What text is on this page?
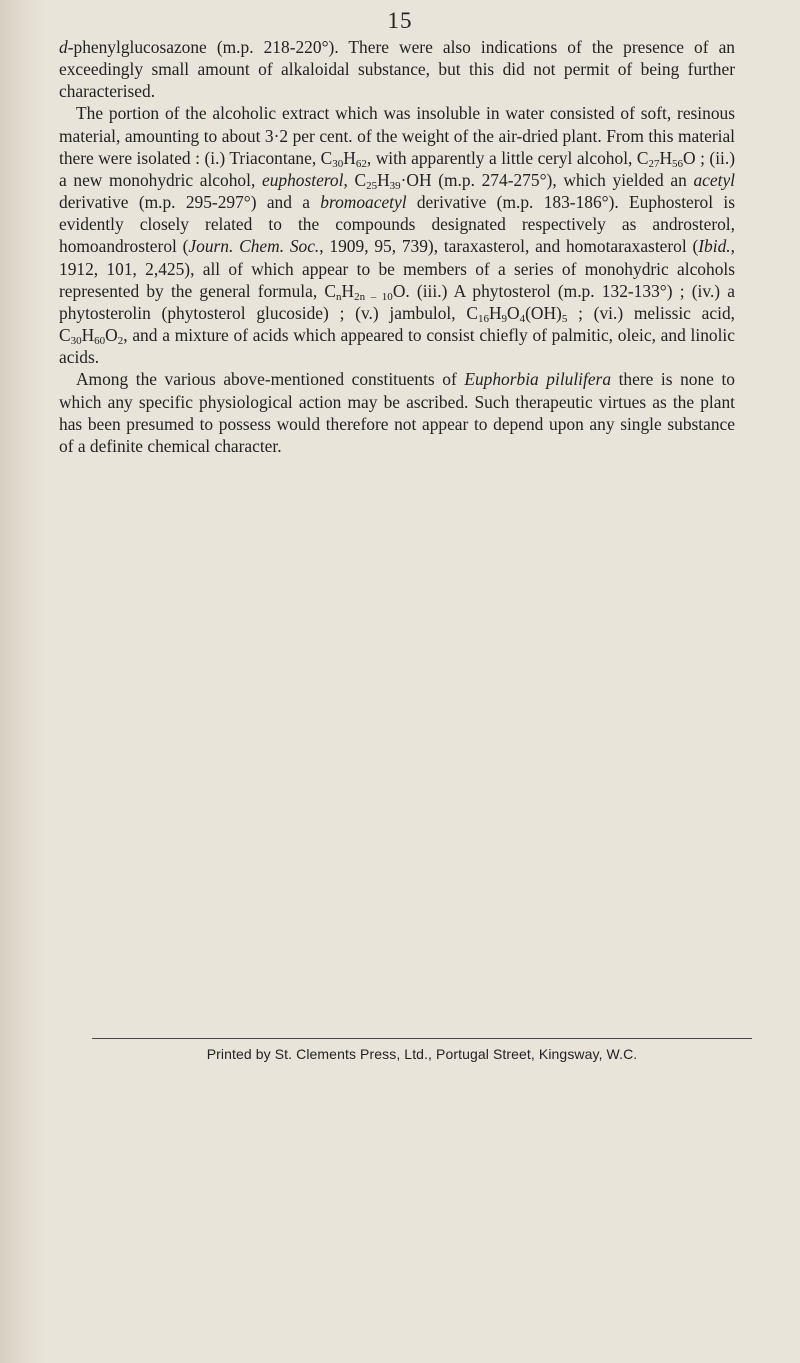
15

d-phenylglucosazone (m.p. 218-220°). There were also indications of the presence of an exceedingly small amount of alkaloidal substance, but this did not permit of being further characterised.

The portion of the alcoholic extract which was insoluble in water consisted of soft, resinous material, amounting to about 3·2 per cent. of the weight of the air-dried plant. From this material there were isolated : (i.) Triacontane, $C_{30}H_{62}$, with apparently a little ceryl alcohol, $C_{27}H_{56}O$ ; (ii.) a new monohydric alcohol, euphosterol, $C_{25}H_{39}\cdot OH$ (m.p. 274-275°), which yielded an acetyl derivative (m.p. 295-297°) and a bromoacetyl derivative (m.p. 183-186°). Euphosterol is evidently closely related to the compounds designated respectively as androsterol, homoandrosterol (Journ. Chem. Soc., 1909, 95, 739), taraxasterol, and homotaraxasterol (Ibid., 1912, 101, 2,425), all of which appear to be members of a series of monohydric alcohols represented by the general formula, $C_nH_{2n - 10}O$. (iii.) A phytosterol (m.p. 132-133°) ; (iv.) a phytosterolin (phytosterol glucoside) ; (v.) jambulol, $C_{16}H_9O_4(OH)_5$ ; (vi.) melissic acid, $C_{30}H_{60}O_2$, and a mixture of acids which appeared to consist chiefly of palmitic, oleic, and linolic acids.

Among the various above-mentioned constituents of Euphorbia pilulifera there is none to which any specific physiological action may be ascribed. Such therapeutic virtues as the plant has been presumed to possess would therefore not appear to depend upon any single substance of a definite chemical character.

Printed by St. Clements Press, Ltd., Portugal Street, Kingsway, W.C.
